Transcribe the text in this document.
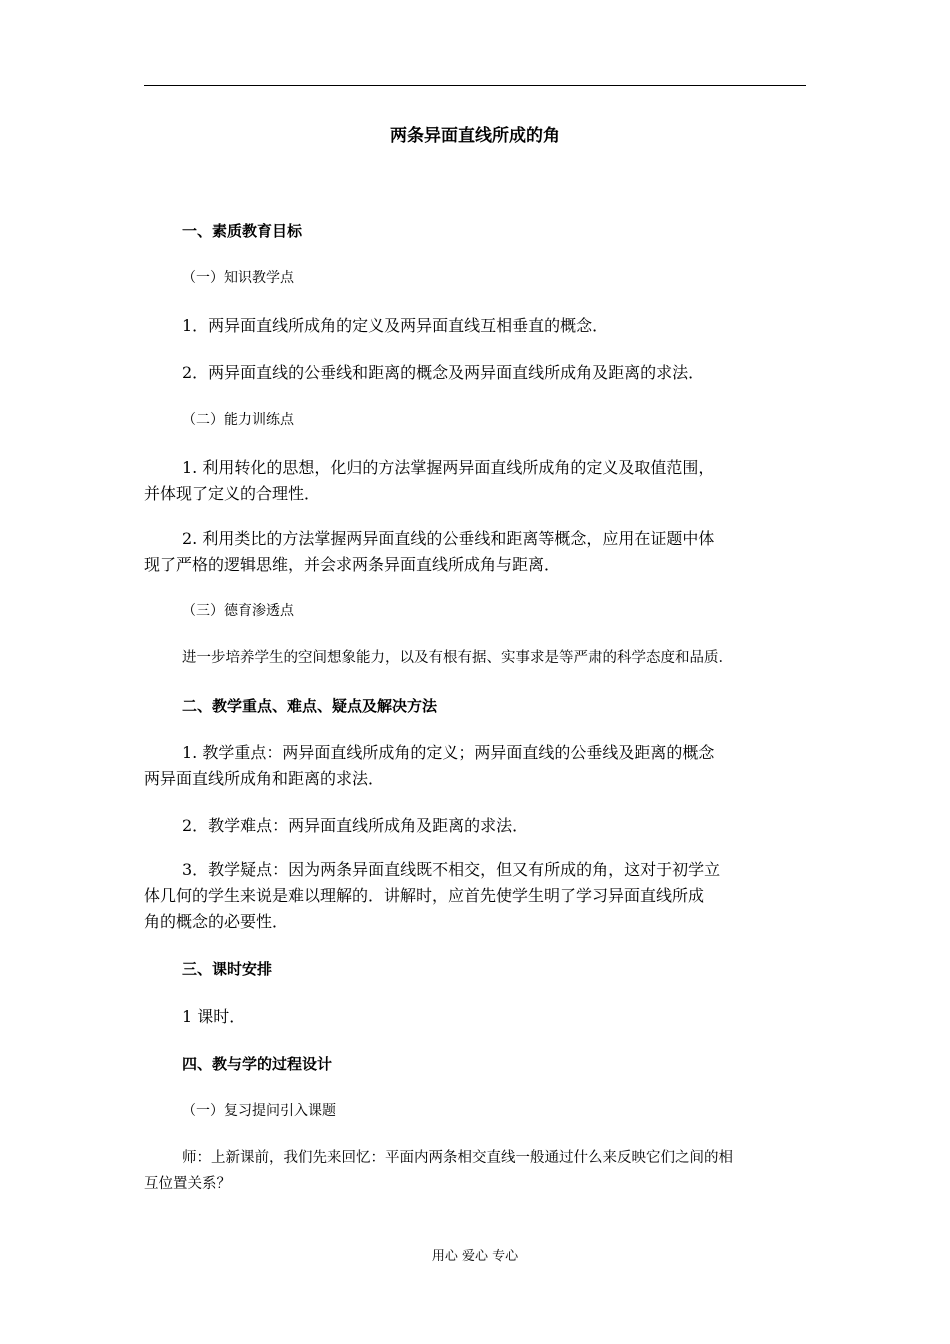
两条异面直线所成的角

一、素质教育目标

（一）知识教学点

1．两异面直线所成角的定义及两异面直线互相垂直的概念．

2．两异面直线的公垂线和距离的概念及两异面直线所成角及距离的求法．

（二）能力训练点

1. 利用转化的思想，化归的方法掌握两异面直线所成角的定义及取值范围，
并体现了定义的合理性．
2. 利用类比的方法掌握两异面直线的公垂线和距离等概念，应用在证题中体
现了严格的逻辑思维，并会求两条异面直线所成角与距离．

（三）德育渗透点

进一步培养学生的空间想象能力，以及有根有据、实事求是等严肃的科学态度和品质．

二、教学重点、难点、疑点及解决方法

1. 教学重点：两异面直线所成角的定义；两异面直线的公垂线及距离的概念
两异面直线所成角和距离的求法．

2．教学难点：两异面直线所成角及距离的求法．

3．教学疑点：因为两条异面直线既不相交，但又有所成的角，这对于初学立
体几何的学生来说是难以理解的．讲解时，应首先使学生明了学习异面直线所成
角的概念的必要性．

三、课时安排

1 课时．

四、教与学的过程设计

（一）复习提问引入课题

师：上新课前，我们先来回忆：平面内两条相交直线一般通过什么来反映它们之间的相
互位置关系？
用心 爱心 专心
